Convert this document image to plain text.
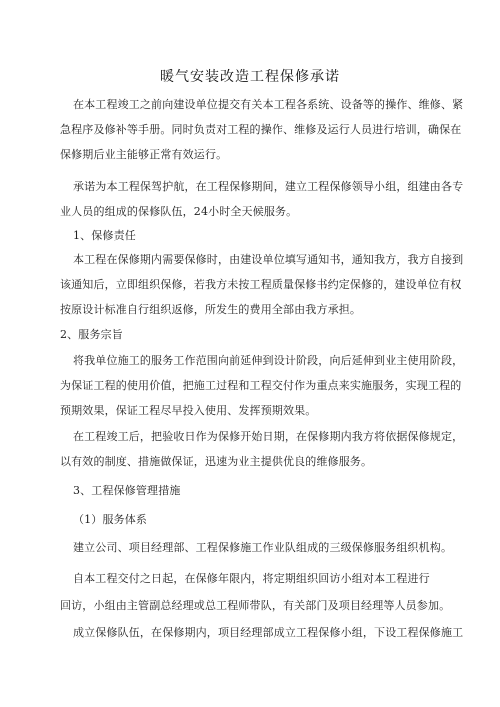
暖气安装改造工程保修承诺
在本工程竣工之前向建设单位提交有关本工程各系统、设备等的操作、维修、紧
急程序及修补等手册。同时负责对工程的操作、维修及运行人员进行培训，确保在
保修期后业主能够正常有效运行。
承诺为本工程保驾护航，在工程保修期间，建立工程保修领导小组，组建由各专
业人员的组成的保修队伍，24小时全天候服务。
1、保修责任
本工程在保修期内需要保修时，由建设单位填写通知书，通知我方，我方自接到
该通知后，立即组织保修，若我方未按工程质量保修书约定保修的，建设单位有权
按原设计标准自行组织返修，所发生的费用全部由我方承担。
2、服务宗旨
将我单位施工的服务工作范围向前延伸到设计阶段，向后延伸到业主使用阶段，
为保证工程的使用价值，把施工过程和工程交付作为重点来实施服务，实现工程的
预期效果，保证工程尽早投入使用、发挥预期效果。
在工程竣工后，把验收日作为保修开始日期，在保修期内我方将依据保修规定，
以有效的制度、措施做保证，迅速为业主提供优良的维修服务。
3、工程保修管理措施
（1）服务体系
建立公司、项目经理部、工程保修施工作业队组成的三级保修服务组织机构。
自本工程交付之日起，在保修年限内，将定期组织回访小组对本工程进行
回访，小组由主管副总经理或总工程师带队，有关部门及项目经理等人员参加。
成立保修队伍，在保修期内，项目经理部成立工程保修小组，下设工程保修施工
